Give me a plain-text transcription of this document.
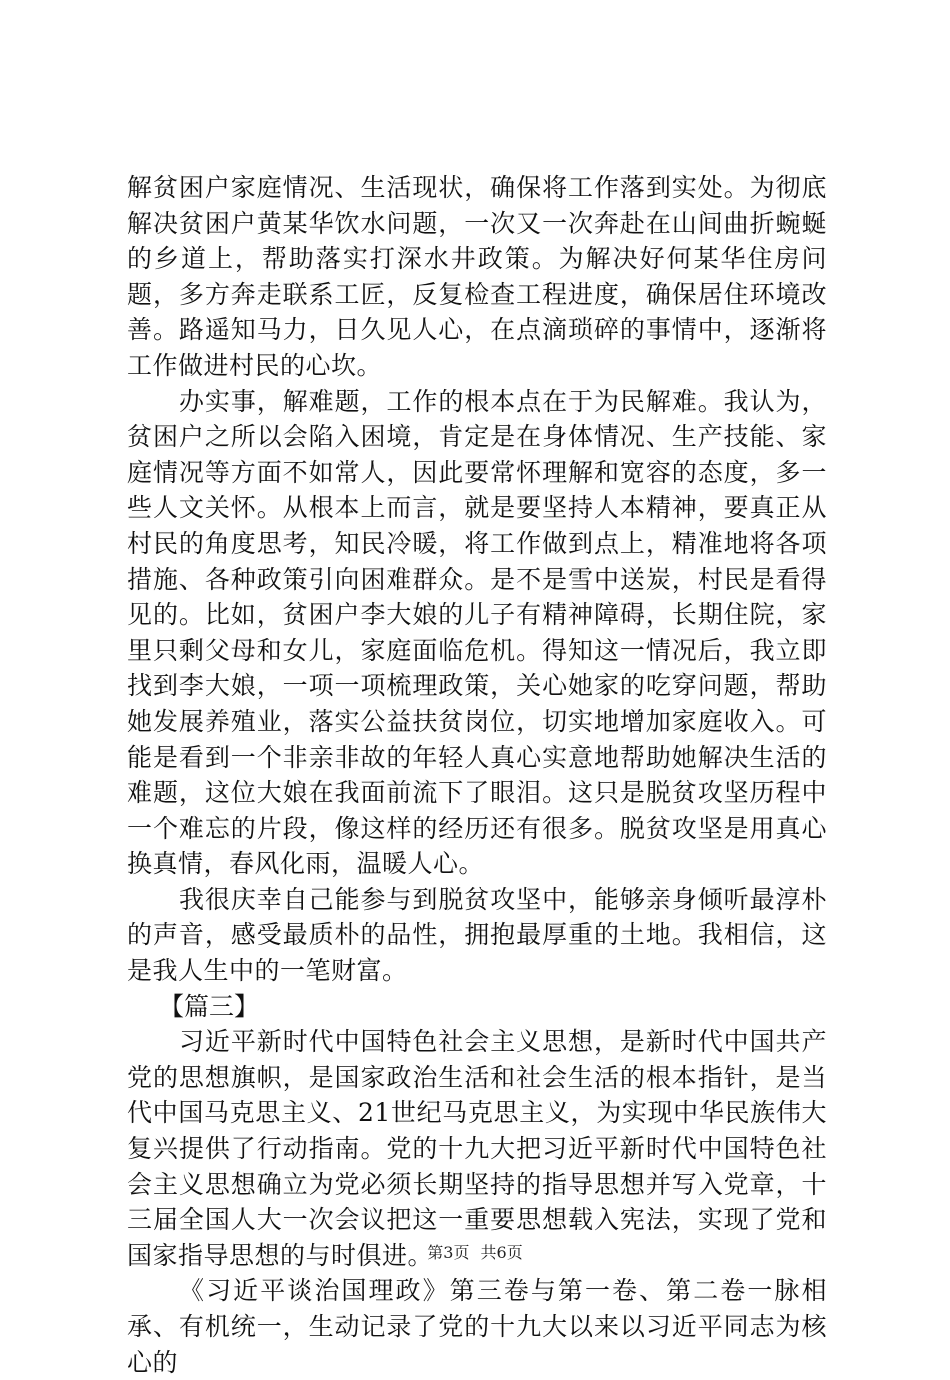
解贫困户家庭情况、生活现状，确保将工作落到实处。为彻底解决贫困户黄某华饮水问题，一次又一次奔赴在山间曲折蜿蜒的乡道上，帮助落实打深水井政策。为解决好何某华住房问题，多方奔走联系工匠，反复检查工程进度，确保居住环境改善。路遥知马力，日久见人心，在点滴琐碎的事情中，逐渐将工作做进村民的心坎。

办实事，解难题，工作的根本点在于为民解难。我认为，贫困户之所以会陷入困境，肯定是在身体情况、生产技能、家庭情况等方面不如常人，因此要常怀理解和宽容的态度，多一些人文关怀。从根本上而言，就是要坚持人本精神，要真正从村民的角度思考，知民冷暖，将工作做到点上，精准地将各项措施、各种政策引向困难群众。是不是雪中送炭，村民是看得见的。比如，贫困户李大娘的儿子有精神障碍，长期住院，家里只剩父母和女儿，家庭面临危机。得知这一情况后，我立即找到李大娘，一项一项梳理政策，关心她家的吃穿问题，帮助她发展养殖业，落实公益扶贫岗位，切实地增加家庭收入。可能是看到一个非亲非故的年轻人真心实意地帮助她解决生活的难题，这位大娘在我面前流下了眼泪。这只是脱贫攻坚历程中一个难忘的片段，像这样的经历还有很多。脱贫攻坚是用真心换真情，春风化雨，温暖人心。

我很庆幸自己能参与到脱贫攻坚中，能够亲身倾听最淳朴的声音，感受最质朴的品性，拥抱最厚重的土地。我相信，这是我人生中的一笔财富。

【篇三】

习近平新时代中国特色社会主义思想，是新时代中国共产党的思想旗帜，是国家政治生活和社会生活的根本指针，是当代中国马克思主义、21世纪马克思主义，为实现中华民族伟大复兴提供了行动指南。党的十九大把习近平新时代中国特色社会主义思想确立为党必须长期坚持的指导思想并写入党章，十三届全国人大一次会议把这一重要思想载入宪法，实现了党和国家指导思想的与时俱进。

《习近平谈治国理政》第三卷与第一卷、第二卷一脉相承、有机统一，生动记录了党的十九大以来以习近平同志为核心的

第3页 共6页
